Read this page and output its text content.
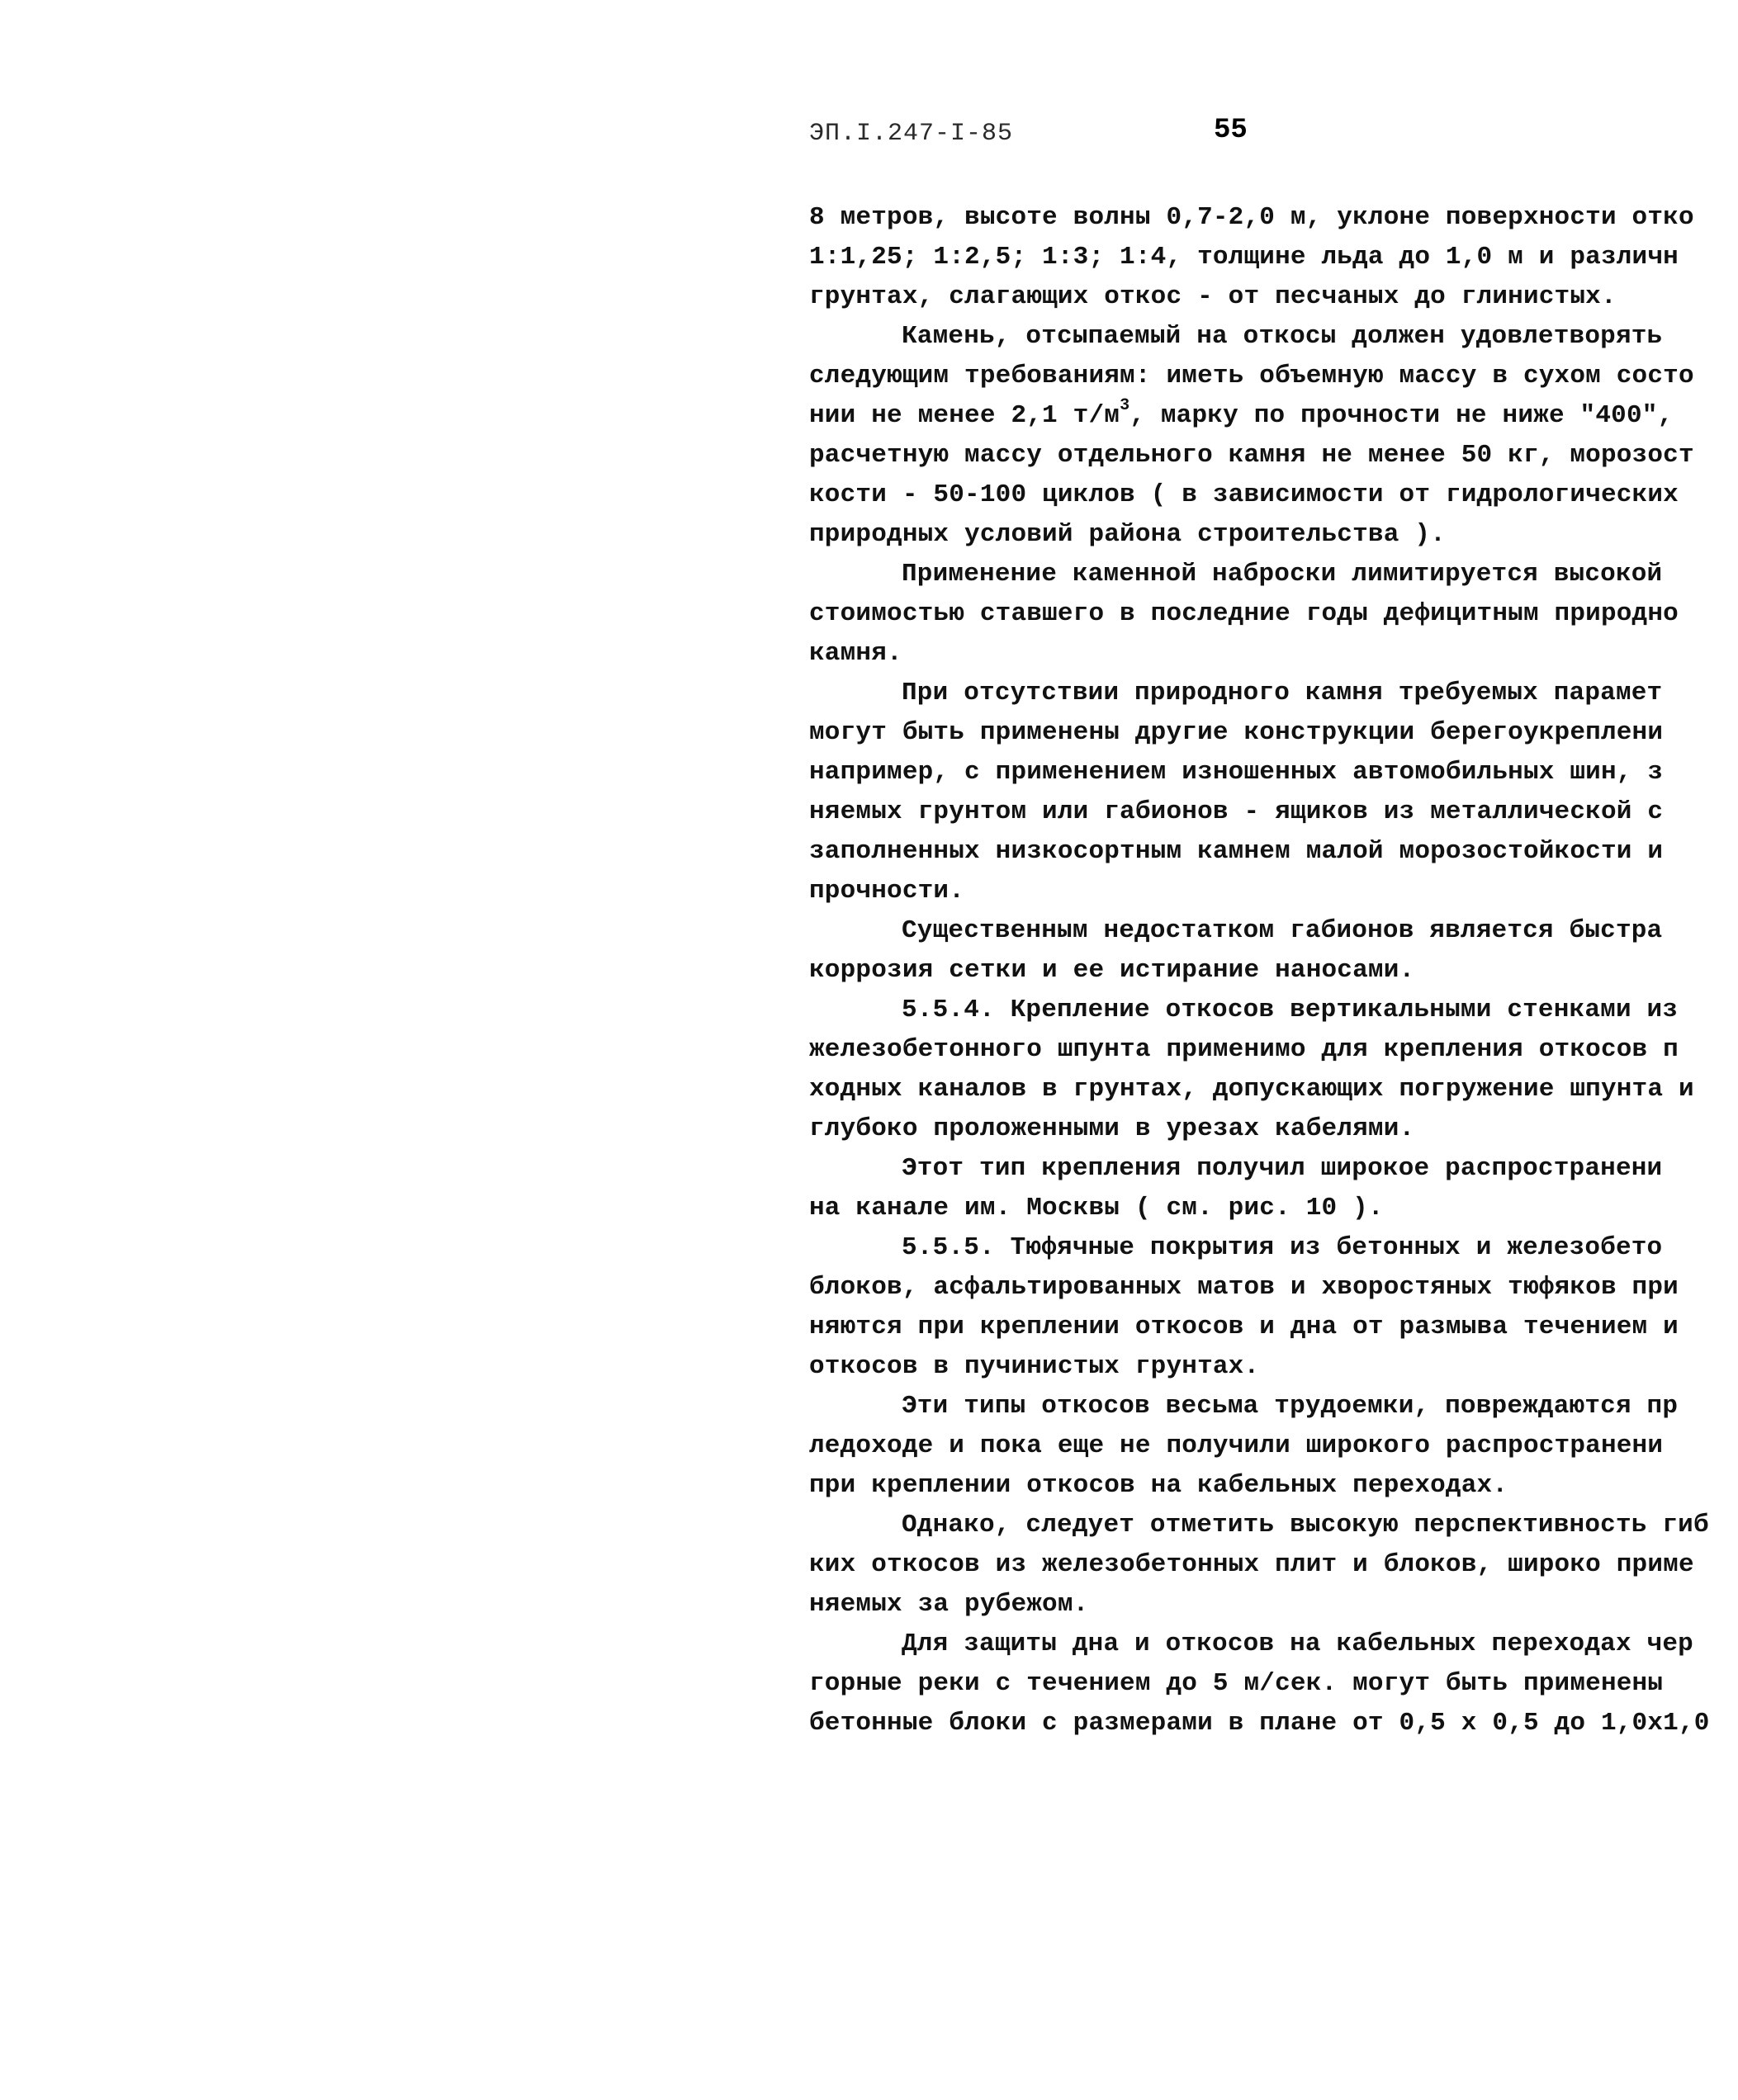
ЭП.I.247-I-85	55
8 метров, высоте волны 0,7-2,0 м, уклоне поверхности отко
1:1,25; 1:2,5; 1:3; 1:4, толщине льда до 1,0 м и различн
грунтах, слагающих откос - от песчаных до глинистых.
Камень, отсыпаемый на откосы должен удовлетворять
следующим требованиям: иметь объемную массу в сухом состо
нии не менее 2,1 $т/м^3$, марку по прочности не ниже "400",
расчетную массу отдельного камня не менее 50 кг, морозост
кости - 50-100 циклов ( в зависимости от гидрологических
природных условий района строительства ).
Применение каменной наброски лимитируется высокой
стоимостью ставшего в последние годы дефицитным природно
камня.
При отсутствии природного камня требуемых парамет
могут быть применены другие конструкции берегоукреплени
например, с применением изношенных автомобильных шин, з
няемых грунтом или габионов - ящиков из металлической с
заполненных низкосортным камнем малой морозостойкости и
прочности.
Существенным недостатком габионов является быстра
коррозия сетки и ее истирание наносами.
5.5.4. Крепление откосов вертикальными стенками из
железобетонного шпунта применимо для крепления откосов п
ходных каналов в грунтах, допускающих погружение шпунта и
глубоко проложенными в урезах кабелями.
Этот тип крепления получил широкое распространени
на канале им. Москвы ( см. рис. 10 ).
5.5.5. Тюфячные покрытия из бетонных и железобето
блоков, асфальтированных матов и хворостяных тюфяков при
няются при креплении откосов и дна от размыва течением и
откосов в пучинистых грунтах.
Эти типы откосов весьма трудоемки, повреждаются пр
ледоходе и пока еще не получили широкого распространени
при креплении откосов на кабельных переходах.
Однако, следует отметить высокую перспективность гиб
ких откосов из железобетонных плит и блоков, широко приме
няемых за рубежом.
Для защиты дна и откосов на кабельных переходах чер
горные реки с течением до 5 м/сек. могут быть применены
бетонные блоки с размерами в плане от 0,5 x 0,5 до 1,0x1,0
